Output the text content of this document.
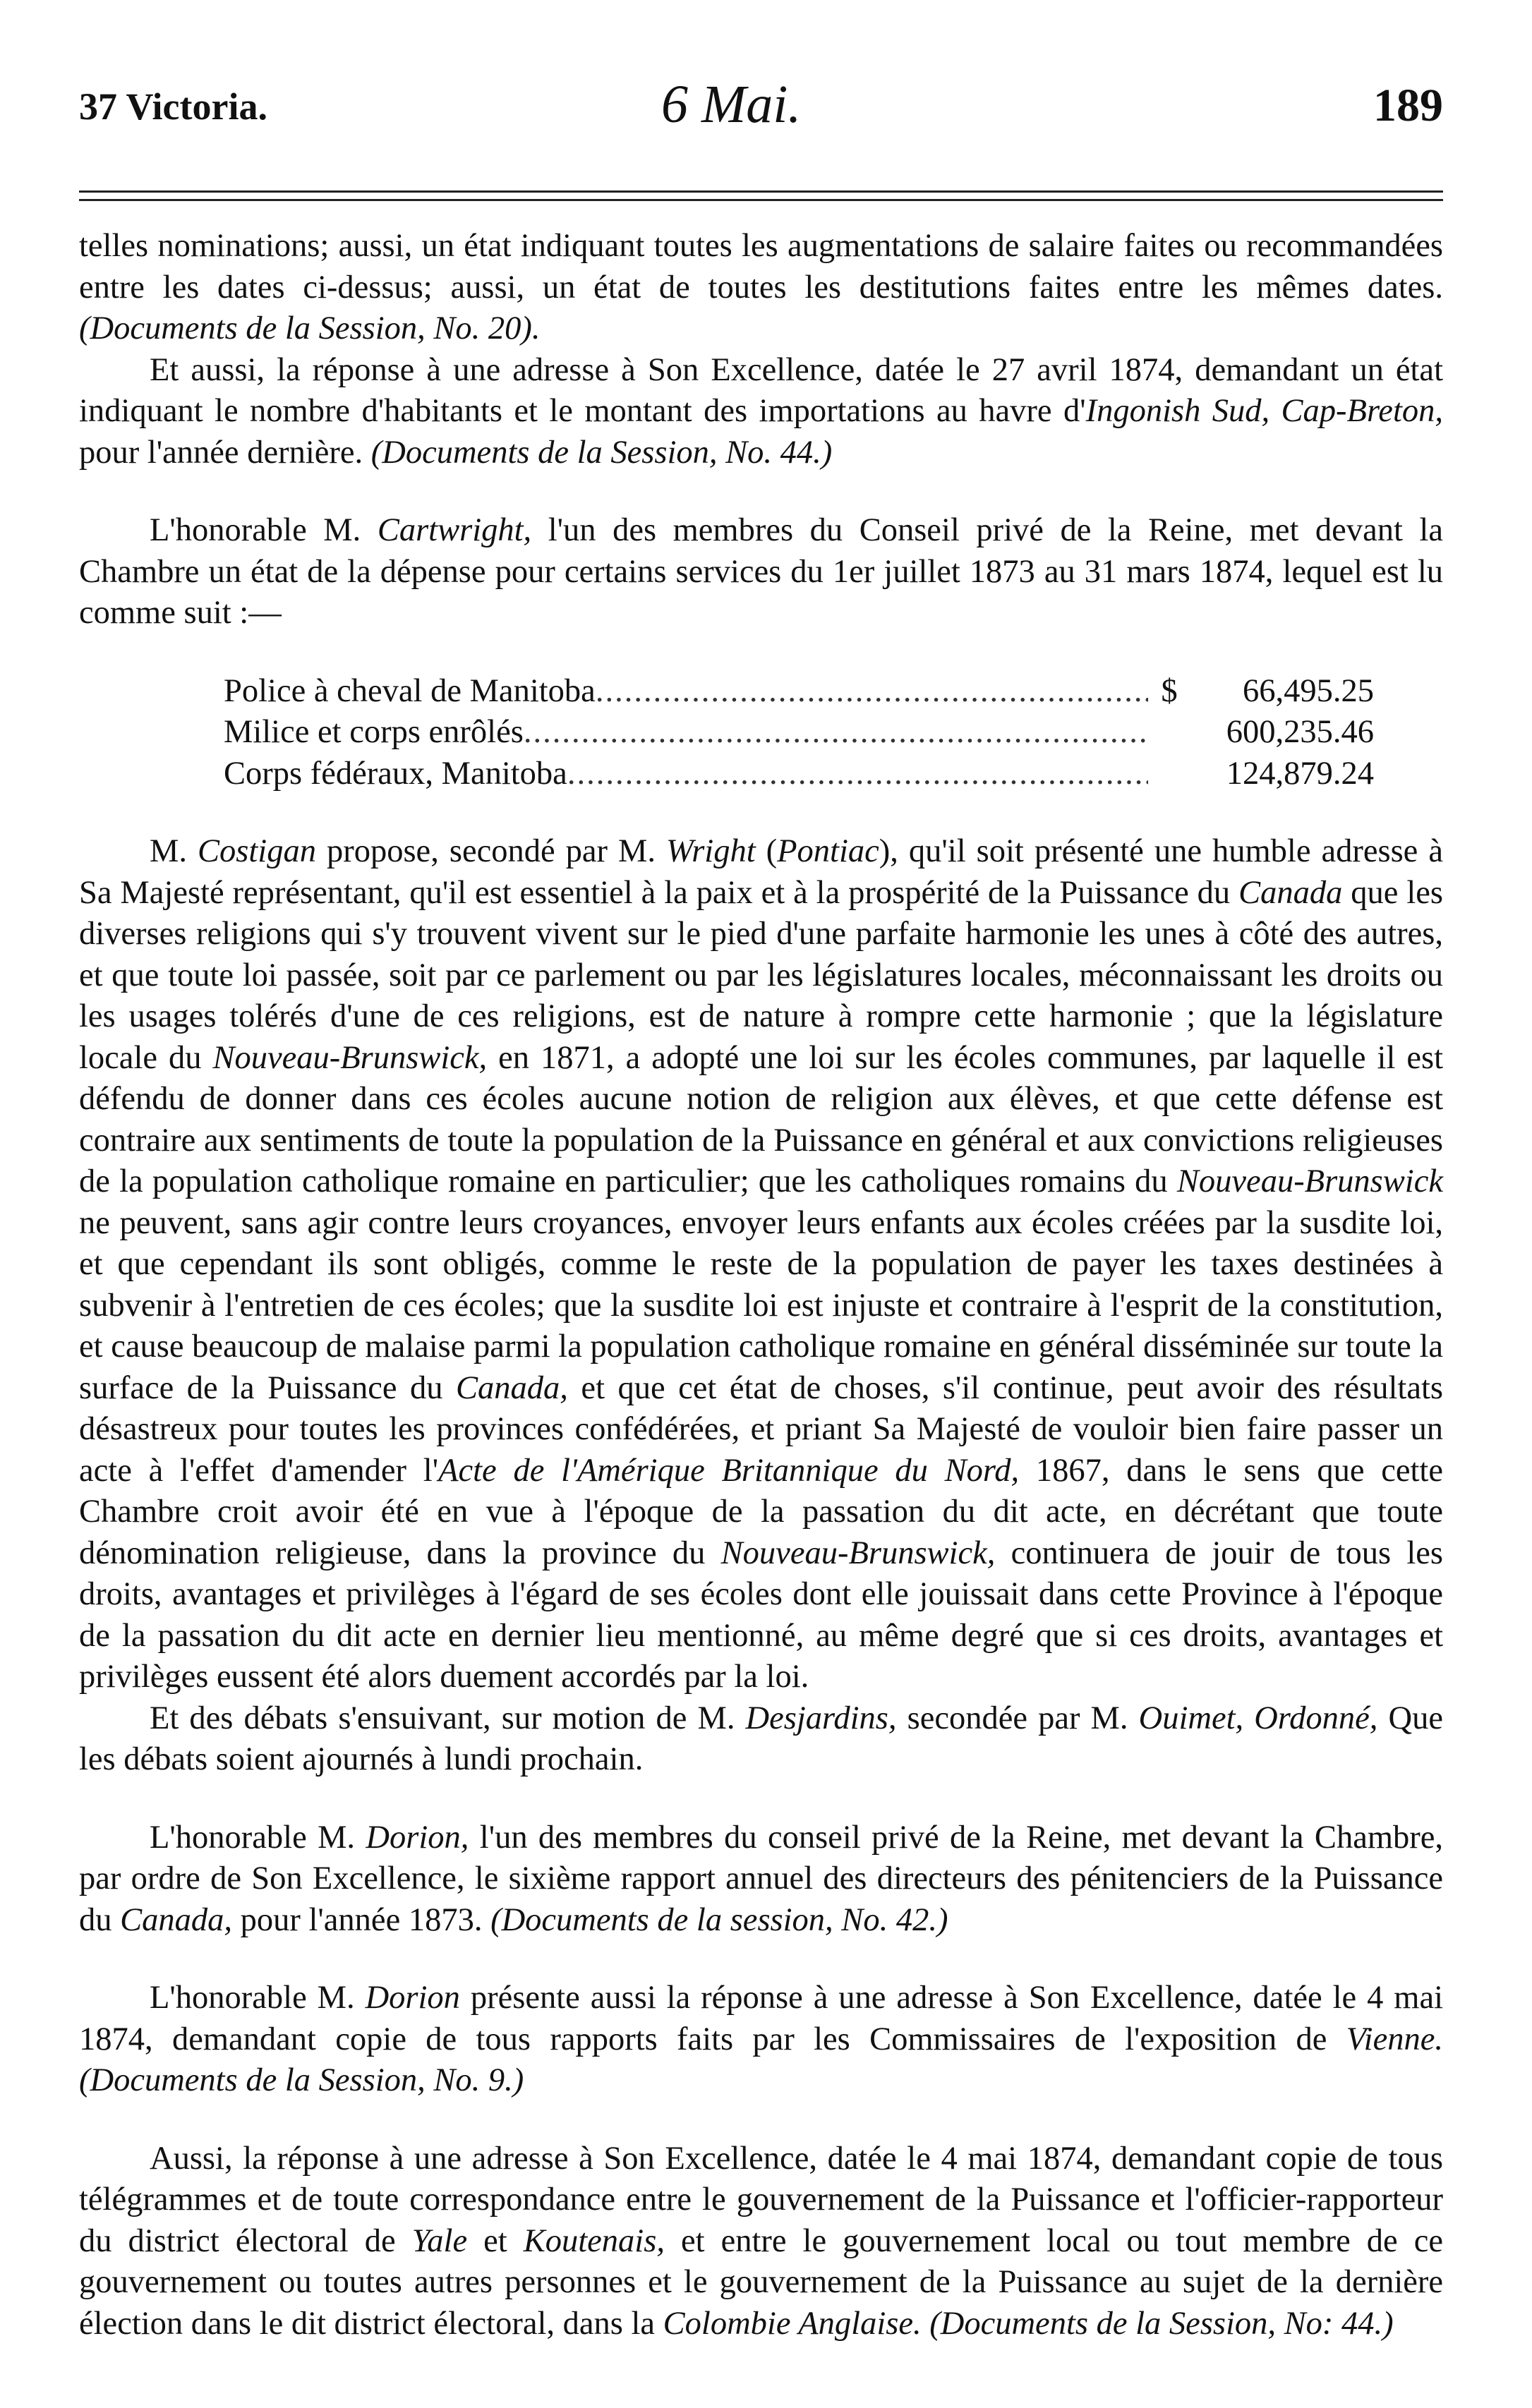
37 Victoria.	6 Mai.	189

telles nominations; aussi, un état indiquant toutes les augmentations de salaire faites ou recommandées entre les dates ci-dessus; aussi, un état de toutes les destitutions faites entre les mêmes dates. (Documents de la Session, No. 20).

Et aussi, la réponse à une adresse à Son Excellence, datée le 27 avril 1874, demandant un état indiquant le nombre d'habitants et le montant des importations au havre d'Ingonish Sud, Cap-Breton, pour l'année dernière. (Documents de la Session, No. 44.)

L'honorable M. Cartwright, l'un des membres du Conseil privé de la Reine, met devant la Chambre un état de la dépense pour certains services du 1er juillet 1873 au 31 mars 1874, lequel est lu comme suit :—

Police à cheval de Manitoba .....	$	66,495.25
Milice et corps enrôlés .....	600,235.46
Corps fédéraux, Manitoba .....	124,879.24

M. Costigan propose, secondé par M. Wright (Pontiac), qu'il soit présenté une humble adresse à Sa Majesté représentant, qu'il est essentiel à la paix et à la prospérité de la Puissance du Canada que les diverses religions qui s'y trouvent vivent sur le pied d'une parfaite harmonie les unes à côté des autres, et que toute loi passée, soit par ce parlement ou par les législatures locales, méconnaissant les droits ou les usages tolérés d'une de ces religions, est de nature à rompre cette harmonie ; que la législature locale du Nouveau-Brunswick, en 1871, a adopté une loi sur les écoles communes, par laquelle il est défendu de donner dans ces écoles aucune notion de religion aux élèves, et que cette défense est contraire aux sentiments de toute la population de la Puissance en général et aux convictions religieuses de la population catholique romaine en particulier; que les catholiques romains du Nouveau-Brunswick ne peuvent, sans agir contre leurs croyances, envoyer leurs enfants aux écoles créées par la susdite loi, et que cependant ils sont obligés, comme le reste de la population de payer les taxes destinées à subvenir à l'entretien de ces écoles; que la susdite loi est injuste et contraire à l'esprit de la constitution, et cause beaucoup de malaise parmi la population catholique romaine en général disséminée sur toute la surface de la Puissance du Canada, et que cet état de choses, s'il continue, peut avoir des résultats désastreux pour toutes les provinces confédérées, et priant Sa Majesté de vouloir bien faire passer un acte à l'effet d'amender l'Acte de l'Amérique Britannique du Nord, 1867, dans le sens que cette Chambre croit avoir été en vue à l'époque de la passation du dit acte, en décrétant que toute dénomination religieuse, dans la province du Nouveau-Brunswick, continuera de jouir de tous les droits, avantages et privilèges à l'égard de ses écoles dont elle jouissait dans cette Province à l'époque de la passation du dit acte en dernier lieu mentionné, au même degré que si ces droits, avantages et privilèges eussent été alors duement accordés par la loi.

Et des débats s'ensuivant, sur motion de M. Desjardins, secondée par M. Ouimet, Ordonné, Que les débats soient ajournés à lundi prochain.

L'honorable M. Dorion, l'un des membres du conseil privé de la Reine, met devant la Chambre, par ordre de Son Excellence, le sixième rapport annuel des directeurs des pénitenciers de la Puissance du Canada, pour l'année 1873. (Documents de la session, No. 42.)

L'honorable M. Dorion présente aussi la réponse à une adresse à Son Excellence, datée le 4 mai 1874, demandant copie de tous rapports faits par les Commissaires de l'exposition de Vienne. (Documents de la Session, No. 9.)

Aussi, la réponse à une adresse à Son Excellence, datée le 4 mai 1874, demandant copie de tous télégrammes et de toute correspondance entre le gouvernement de la Puissance et l'officier-rapporteur du district électoral de Yale et Koutenais, et entre le gouvernement local ou tout membre de ce gouvernement ou toutes autres personnes et le gouvernement de la Puissance au sujet de la dernière élection dans le dit district électoral, dans la Colombie Anglaise. (Documents de la Session, No: 44.)
